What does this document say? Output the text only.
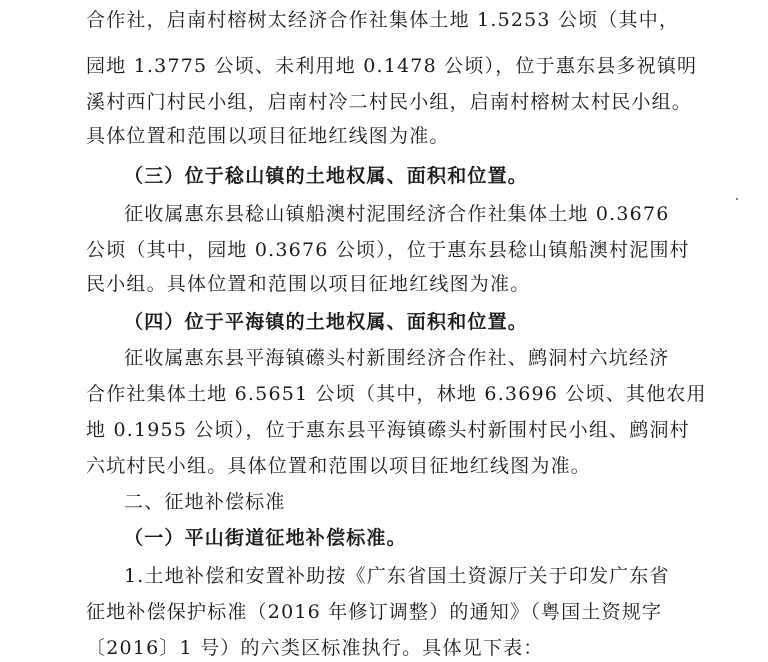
合作社，启南村榕树太经济合作社集体土地 1.5253 公顷（其中，
园地 1.3775 公顷、未利用地 0.1478 公顷），位于惠东县多祝镇明
溪村西门村民小组，启南村冷二村民小组，启南村榕树太村民小组。
具体位置和范围以项目征地红线图为准。
（三）位于稔山镇的土地权属、面积和位置。
征收属惠东县稔山镇船澳村泥围经济合作社集体土地 0.3676
公顷（其中，园地 0.3676 公顷），位于惠东县稔山镇船澳村泥围村
民小组。具体位置和范围以项目征地红线图为准。
（四）位于平海镇的土地权属、面积和位置。
征收属惠东县平海镇礤头村新围经济合作社、鹧洞村六坑经济
合作社集体土地 6.5651 公顷（其中，林地 6.3696 公顷、其他农用
地 0.1955 公顷），位于惠东县平海镇礤头村新围村民小组、鹧洞村
六坑村民小组。具体位置和范围以项目征地红线图为准。
二、征地补偿标准
（一）平山街道征地补偿标准。
1.土地补偿和安置补助按《广东省国土资源厅关于印发广东省
征地补偿保护标准（2016 年修订调整）的通知》（粤国土资规字
〔2016〕1 号）的六类区标准执行。具体见下表：
